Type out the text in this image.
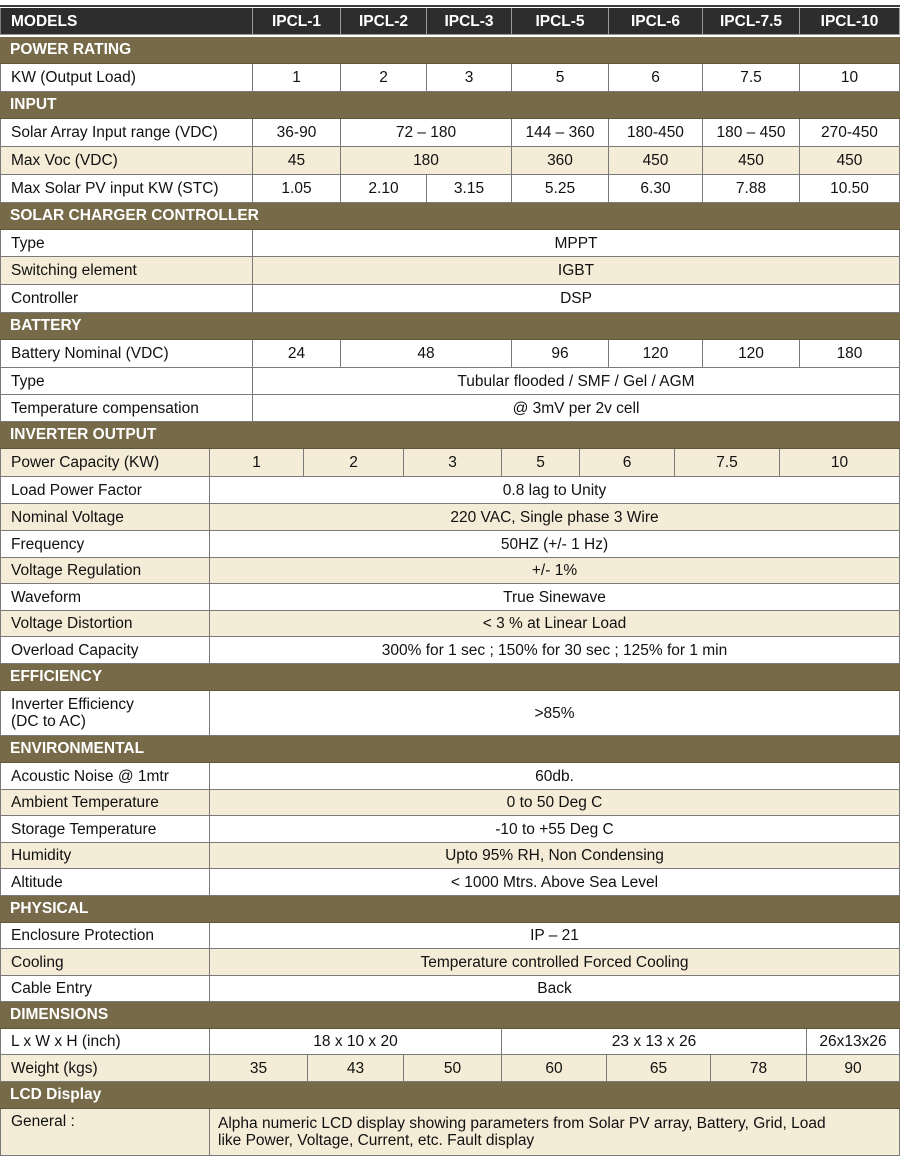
MODELS	IPCL-1	IPCL-2	IPCL-3	IPCL-5	IPCL-6	IPCL-7.5	IPCL-10
POWER RATING
KW (Output Load)	1	2	3	5	6	7.5	10
INPUT
Solar Array Input range (VDC)	36-90	72 – 180	144 – 360	180-450	180 – 450	270-450
Max Voc (VDC)	45	180	360	450	450	450
Max Solar PV input KW (STC)	1.05	2.10	3.15	5.25	6.30	7.88	10.50
SOLAR CHARGER CONTROLLER
Type	MPPT
Switching element	IGBT
Controller	DSP
BATTERY
Battery Nominal (VDC)	24	48	96	120	120	180
Type	Tubular flooded / SMF / Gel / AGM
Temperature compensation	@ 3mV per 2v cell
INVERTER OUTPUT
Power Capacity (KW)	1	2	3	5	6	7.5	10
Load Power Factor	0.8 lag to Unity
Nominal Voltage	220 VAC, Single phase 3 Wire
Frequency	50HZ (+/- 1 Hz)
Voltage Regulation	+/- 1%
Waveform	True Sinewave
Voltage Distortion	< 3 % at Linear Load
Overload Capacity	300% for 1 sec ; 150% for 30 sec ; 125% for 1 min
EFFICIENCY
Inverter Efficiency
(DC to AC)	>85%
ENVIRONMENTAL
Acoustic Noise @ 1mtr	60db.
Ambient Temperature	0 to 50 Deg C
Storage Temperature	-10 to +55 Deg C
Humidity	Upto 95% RH, Non Condensing
Altitude	< 1000 Mtrs. Above Sea Level
PHYSICAL
Enclosure Protection	IP – 21
Cooling	Temperature controlled Forced Cooling
Cable Entry	Back
DIMENSIONS
L x W x H (inch)	18 x 10 x 20	23 x 13 x 26	26x13x26
Weight (kgs)	35	43	50	60	65	78	90
LCD Display
General :	Alpha numeric LCD display showing parameters from Solar PV array, Battery, Grid, Load
like Power, Voltage, Current, etc. Fault display
